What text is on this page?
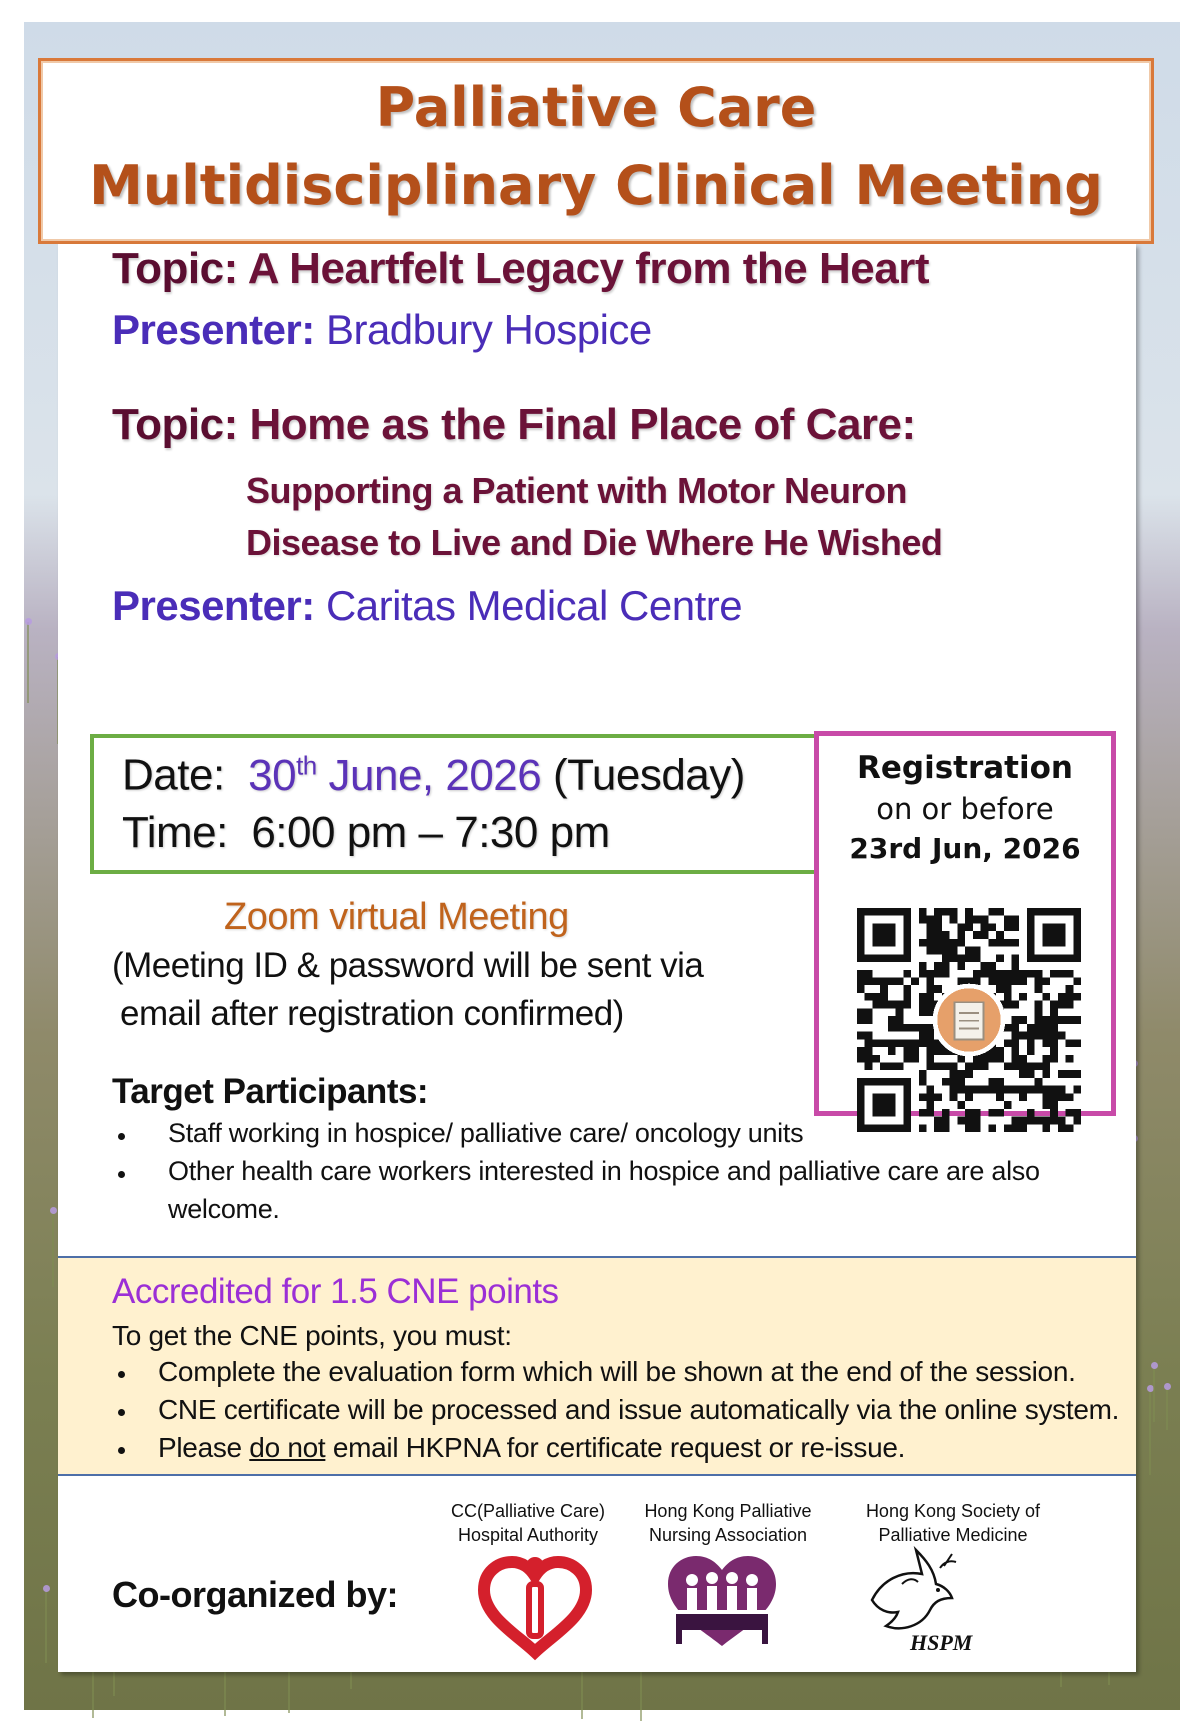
Palliative Care
Multidisciplinary Clinical Meeting
Topic: A Heartfelt Legacy from the Heart
Presenter: Bradbury Hospice
Topic: Home as the Final Place of Care:
Supporting a Patient with Motor Neuron
Disease to Live and Die Where He Wished
Presenter: Caritas Medical Centre
Date: 30th June, 2026 (Tuesday)
Time: 6:00 pm – 7:30 pm
Registration
on or before
23rd Jun, 2026
Zoom virtual Meeting
(Meeting ID & password will be sent via
email after registration confirmed)
Target Participants:
Staff working in hospice/ palliative care/ oncology units
Other health care workers interested in hospice and palliative care are also
welcome.
Accredited for 1.5 CNE points
To get the CNE points, you must:
Complete the evaluation form which will be shown at the end of the session.
CNE certificate will be processed and issue automatically via the online system.
Please do not email HKPNA for certificate request or re-issue.
CC(Palliative Care)
Hospital Authority
Hong Kong Palliative
Nursing Association
Hong Kong Society of
Palliative Medicine
Co-organized by:
HSPM
